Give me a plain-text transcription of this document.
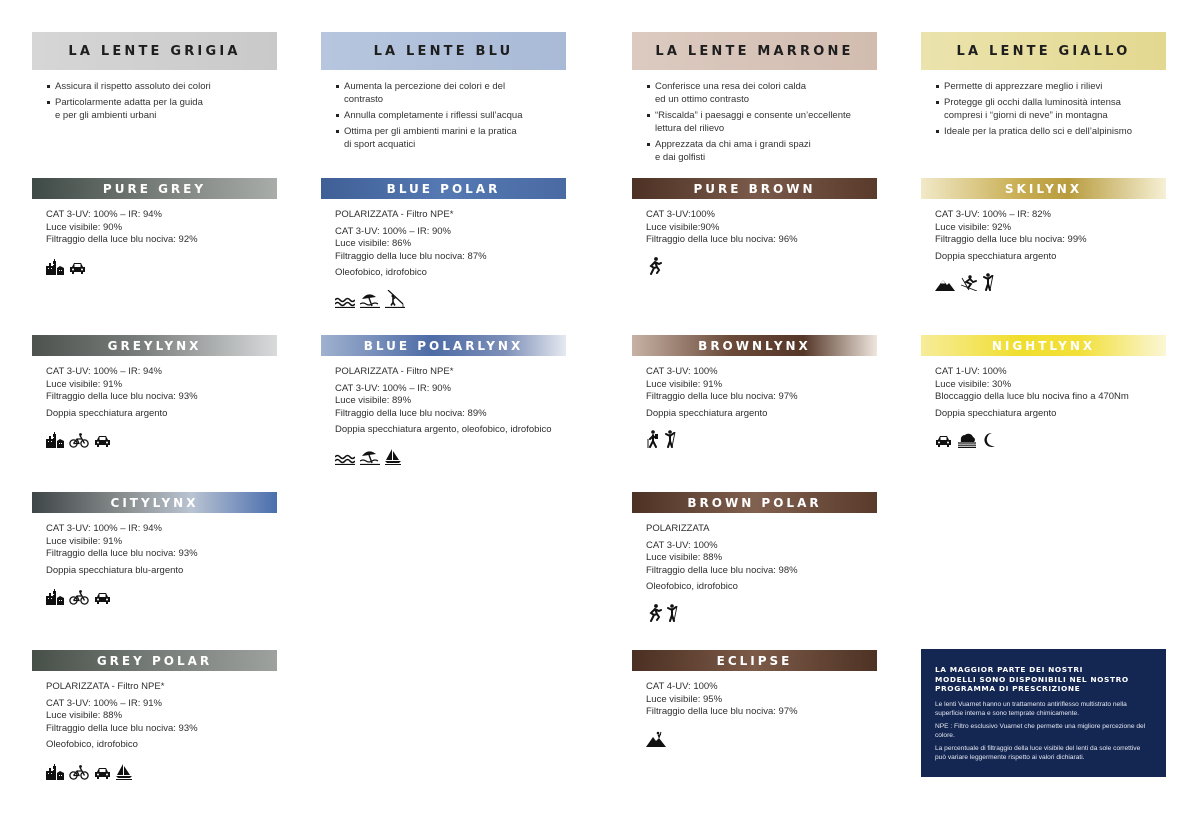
LA LENTE GRIGIA	LA LENTE BLU	LA LENTE MARRONE	LA LENTE GIALLO
Assicura il rispetto assoluto dei colori
Particolarmente adatta per la guida
e per gli ambienti urbani
Aumenta la percezione dei colori e del contrasto
Annulla completamente i riflessi sull’acqua
Ottima per gli ambienti marini e la pratica
di sport acquatici
Conferisce una resa dei colori calda
ed un ottimo contrasto
“Riscalda” i paesaggi e consente un’eccellente lettura del rilievo
Apprezzata da chi ama i grandi spazi
e dai golfisti
Permette di apprezzare meglio i rilievi
Protegge gli occhi dalla luminosità intensa compresi i “giorni di neve” in montagna
Ideale per la pratica dello sci e dell’alpinismo
PURE GREY

CAT 3-UV: 100% – IR: 94%
Luce visibile: 90%
Filtraggio della luce blu nociva: 92%

GREYLYNX

CAT 3-UV: 100% – IR: 94%
Luce visibile: 91%
Filtraggio della luce blu nociva: 93%

Doppia specchiatura argento

CITYLYNX

CAT 3-UV: 100% – IR: 94%
Luce visibile: 91%
Filtraggio della luce blu nociva: 93%

Doppia specchiatura blu-argento

GREY POLAR

POLARIZZATA - Filtro NPE*

CAT 3-UV: 100% – IR: 91%
Luce visibile: 88%
Filtraggio della luce blu nociva: 93%

Oleofobico, idrofobico

BLUE POLAR

POLARIZZATA - Filtro NPE*

CAT 3-UV: 100% – IR: 90%
Luce visibile: 86%
Filtraggio della luce blu nociva: 87%

Oleofobico, idrofobico

BLUE POLARLYNX

POLARIZZATA - Filtro NPE*

CAT 3-UV: 100% – IR: 90%
Luce visibile: 89%
Filtraggio della luce blu nociva: 89%

Doppia specchiatura argento, oleofobico, idrofobico

PURE BROWN

CAT 3-UV:100%
Luce visibile:90%
Filtraggio della luce blu nociva: 96%

BROWNLYNX

CAT 3-UV: 100%
Luce visibile: 91%
Filtraggio della luce blu nociva: 97%

Doppia specchiatura argento

BROWN POLAR

POLARIZZATA

CAT 3-UV: 100%
Luce visibile: 88%
Filtraggio della luce blu nociva: 98%

Oleofobico, idrofobico

ECLIPSE

CAT 4-UV: 100%
Luce visibile: 95%
Filtraggio della luce blu nociva: 97%

SKILYNX

CAT 3-UV: 100% – IR: 82%
Luce visibile: 92%
Filtraggio della luce blu nociva: 99%

Doppia specchiatura argento

NIGHTLYNX

CAT 1-UV: 100%
Luce visibile: 30%
Bloccaggio della luce blu nociva fino a 470Nm

Doppia specchiatura argento

LA MAGGIOR PARTE DEI NOSTRI
MODELLI SONO DISPONIBILI NEL NOSTRO
PROGRAMMA DI PRESCRIZIONE
Le lenti Vuarnet hanno un trattamento antiriflesso multistrato nella superficie interna e sono temprate chimicamente.
NPE : Filtro esclusivo Vuarnet che permette una migliore percezione del colore.
La percentuale di filtraggio della luce visibile del lenti da sole correttive può variare leggermente rispetto ai valori dichiarati.
